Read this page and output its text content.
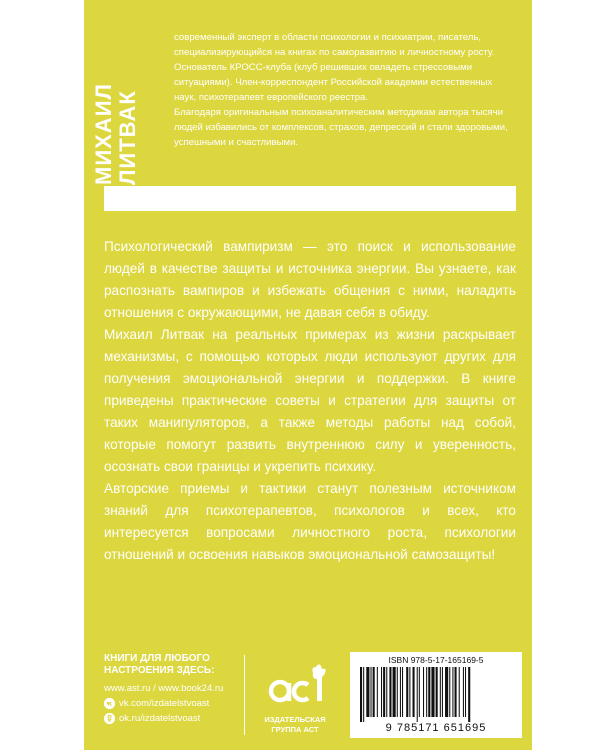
МИХАИЛ ЛИТВАК

современный эксперт в области психологии и психиатрии, писатель, специализирующийся на книгах по саморазвитию и личностному росту. Основатель КРОСС-клуба (клуб решивших овладеть стрессовыми ситуациями). Член-корреспондент Российской академии естественных наук, психотерапевт европейского реестра.

Благодаря оригинальным психоаналитическим методикам автора тысячи людей избавились от комплексов, страхов, депрессий и стали здоровыми, успешными и счастливыми.

Психологический вампиризм — это поиск и использование людей в качестве защиты и источника энергии. Вы узнаете, как распознать вампиров и избежать общения с ними, наладить отношения с окружающими, не давая себя в обиду.

Михаил Литвак на реальных примерах из жизни раскрывает механизмы, с помощью которых люди используют других для получения эмоциональной энергии и поддержки. В книге приведены практические советы и стратегии для защиты от таких манипуляторов, а также методы работы над собой, которые помогут развить внутреннюю силу и уверенность, осознать свои границы и укрепить психику.

Авторские приемы и тактики станут полезным источником знаний для психотерапевтов, психологов и всех, кто интересуется вопросами личностного роста, психологии отношений и освоения навыков эмоциональной самозащиты!

КНИГИ ДЛЯ ЛЮБОГО
НАСТРОЕНИЯ ЗДЕСЬ:
www.ast.ru / www.book24.ru
vk.com/izdatelstvoast
ok.ru/izdatelstvoast	ИЗДАТЕЛЬСКАЯ
ГРУППА АСТ
ISBN 978-5-17-165169-5
9 785171 651695
